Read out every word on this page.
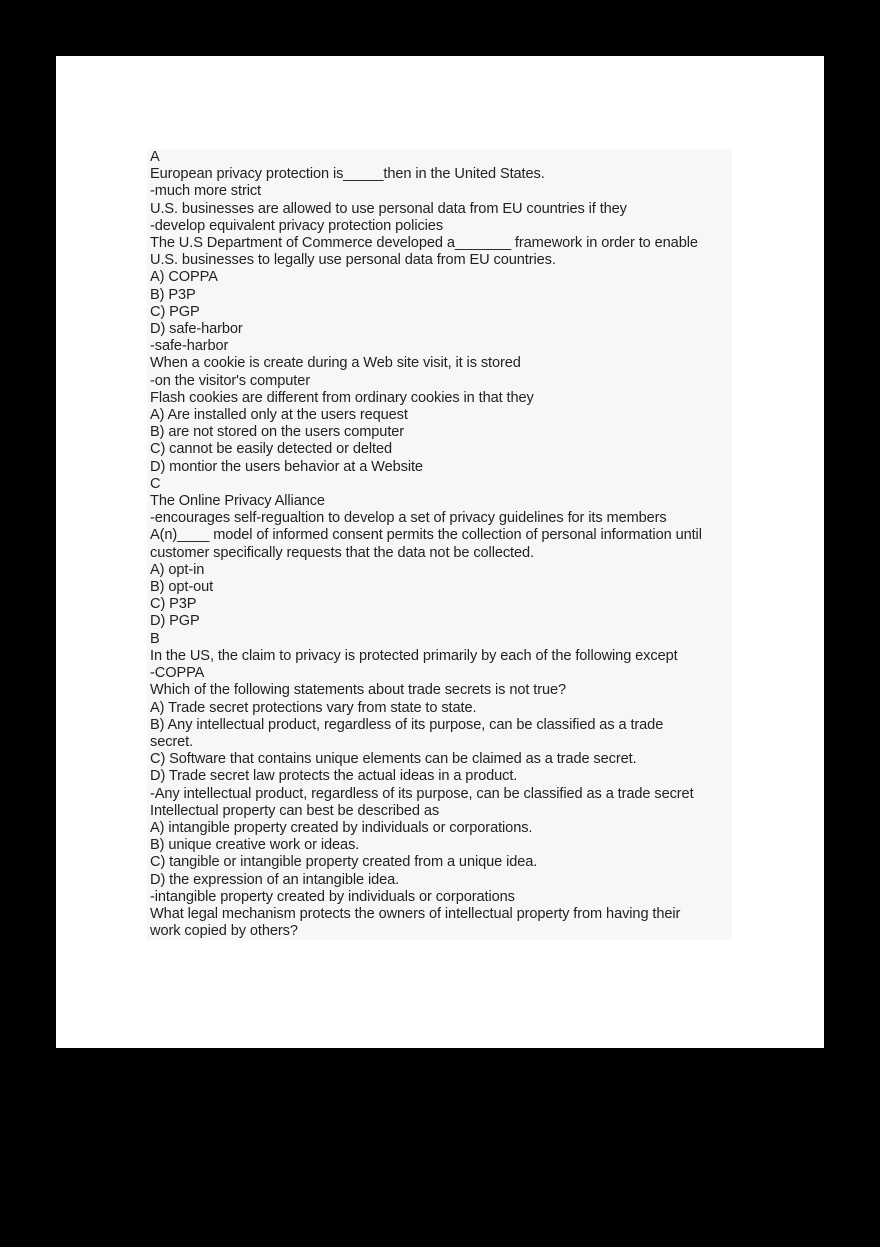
A

European privacy protection is_____then in the United States.

-much more strict

U.S. businesses are allowed to use personal data from EU countries if they

-develop equivalent privacy protection policies

The U.S Department of Commerce developed a_______ framework in order to enable

U.S. businesses to legally use personal data from EU countries.

A) COPPA

B) P3P

C) PGP

D) safe-harbor

-safe-harbor

When a cookie is create during a Web site visit, it is stored

-on the visitor's computer

Flash cookies are different from ordinary cookies in that they

A) Are installed only at the users request

B) are not stored on the users computer

C) cannot be easily detected or delted

D) montior the users behavior at a Website

C

The Online Privacy Alliance

-encourages self-regualtion to develop a set of privacy guidelines for its members

A(n)____ model of informed consent permits the collection of personal information until

customer specifically requests that the data not be collected.

A) opt-in

B) opt-out

C) P3P

D) PGP

B

In the US, the claim to privacy is protected primarily by each of the following except

-COPPA

Which of the following statements about trade secrets is not true?

A) Trade secret protections vary from state to state.

B) Any intellectual product, regardless of its purpose, can be classified as a trade

secret.

C) Software that contains unique elements can be claimed as a trade secret.

D) Trade secret law protects the actual ideas in a product.

-Any intellectual product, regardless of its purpose, can be classified as a trade secret

Intellectual property can best be described as

A) intangible property created by individuals or corporations.

B) unique creative work or ideas.

C) tangible or intangible property created from a unique idea.

D) the expression of an intangible idea.

-intangible property created by individuals or corporations

What legal mechanism protects the owners of intellectual property from having their

work copied by others?
